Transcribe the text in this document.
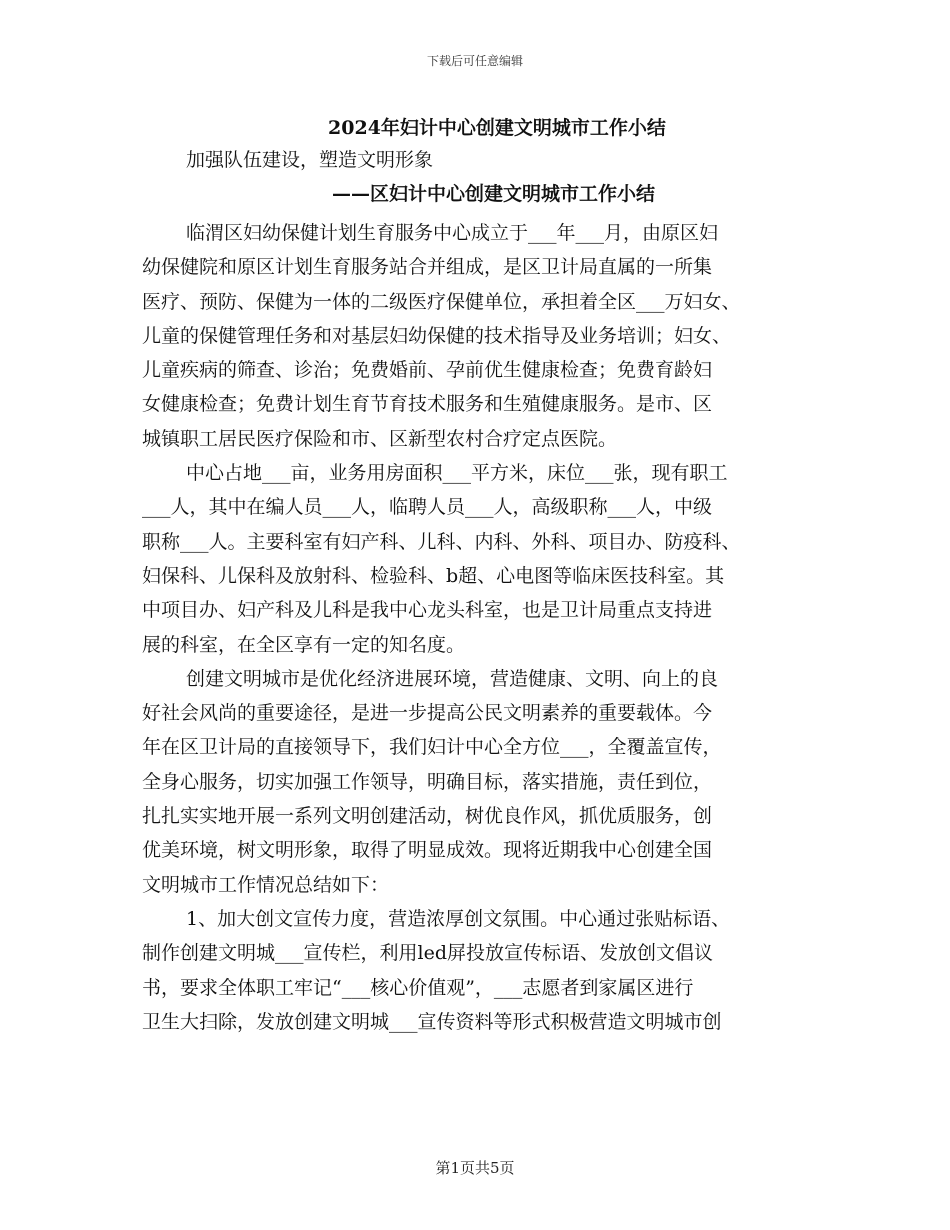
下载后可任意编辑
2024年妇计中心创建文明城市工作小结
加强队伍建设，塑造文明形象
——区妇计中心创建文明城市工作小结
临渭区妇幼保健计划生育服务中心成立于___年___月，由原区妇
幼保健院和原区计划生育服务站合并组成，是区卫计局直属的一所集
医疗、预防、保健为一体的二级医疗保健单位，承担着全区___万妇女、
儿童的保健管理任务和对基层妇幼保健的技术指导及业务培训；妇女、
儿童疾病的筛查、诊治；免费婚前、孕前优生健康检查；免费育龄妇
女健康检查；免费计划生育节育技术服务和生殖健康服务。是市、区
城镇职工居民医疗保险和市、区新型农村合疗定点医院。
中心占地___亩，业务用房面积___平方米，床位___张，现有职工
___人，其中在编人员___人，临聘人员___人，高级职称___人，中级
职称___人。主要科室有妇产科、儿科、内科、外科、项目办、防疫科、
妇保科、儿保科及放射科、检验科、b超、心电图等临床医技科室。其
中项目办、妇产科及儿科是我中心龙头科室，也是卫计局重点支持进
展的科室，在全区享有一定的知名度。
创建文明城市是优化经济进展环境，营造健康、文明、向上的良
好社会风尚的重要途径，是进一步提高公民文明素养的重要载体。今
年在区卫计局的直接领导下，我们妇计中心全方位___，全覆盖宣传，
全身心服务，切实加强工作领导，明确目标，落实措施，责任到位，
扎扎实实地开展一系列文明创建活动，树优良作风，抓优质服务，创
优美环境，树文明形象，取得了明显成效。现将近期我中心创建全国
文明城市工作情况总结如下：
1、加大创文宣传力度，营造浓厚创文氛围。中心通过张贴标语、
制作创建文明城___宣传栏，利用led屏投放宣传标语、发放创文倡议
书，要求全体职工牢记“___核心价值观”，___志愿者到家属区进行
卫生大扫除，发放创建文明城___宣传资料等形式积极营造文明城市创
第1页共5页
